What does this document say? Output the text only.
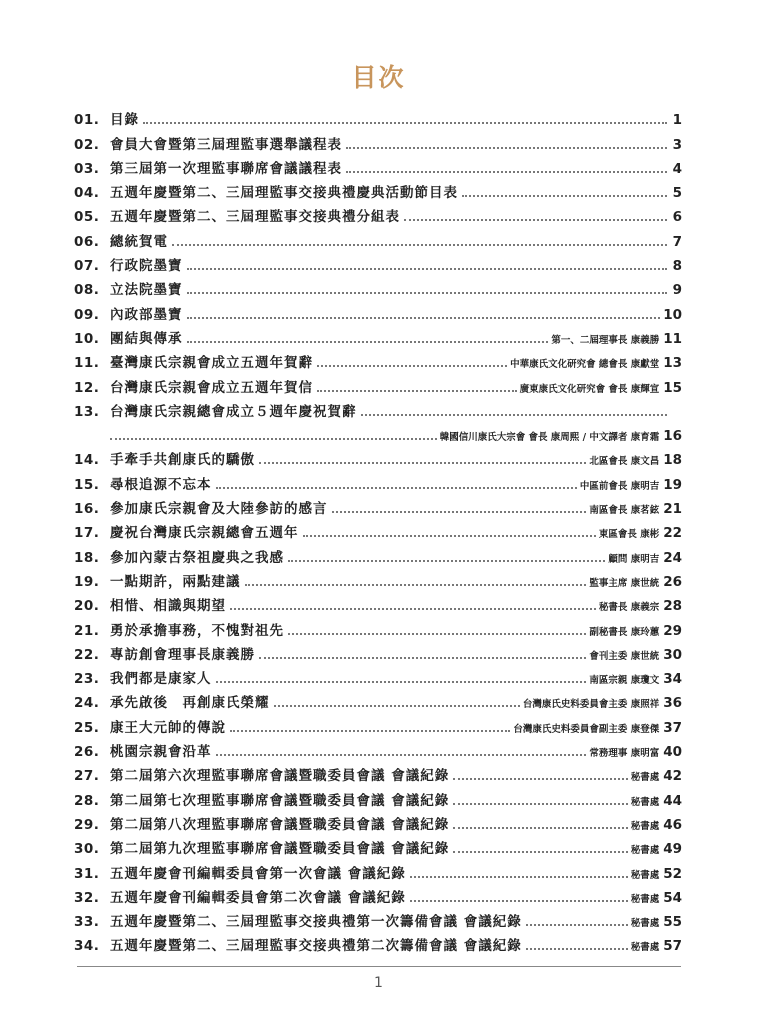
目次
01. 目錄	1
02. 會員大會暨第三屆理監事選舉議程表	3
03. 第三屆第一次理監事聯席會議議程表	4
04. 五週年慶暨第二、三屆理監事交接典禮慶典活動節目表	5
05. 五週年慶暨第二、三屆理監事交接典禮分組表	6
06. 總統賀電	7
07. 行政院墨寶	8
08. 立法院墨寶	9
09. 內政部墨寶	10
10. 團結與傳承	第一、二屆理事長 康義勝 11
11. 臺灣康氏宗親會成立五週年賀辭	中華康氏文化研究會 總會長 康獻堂 13
12. 台灣康氏宗親會成立五週年賀信	廣東康氏文化研究會 會長 康輝宣 15
13. 台灣康氏宗親總會成立５週年慶祝賀辭
韓國信川康氏大宗會 會長 康周熙 / 中文譯者 康育霜 16
14. 手牽手共創康氏的驕傲	北區會長 康文昌 18
15. 尋根追源不忘本	中區前會長 康明吉 19
16. 參加康氏宗親會及大陸參訪的感言	南區會長 康茗鉉 21
17. 慶祝台灣康氏宗親總會五週年	東區會長 康彬 22
18. 參加內蒙古祭祖慶典之我感	顧問 康明吉 24
19. 一點期許，兩點建議	監事主席 康世統 26
20. 相惜、相識與期望	秘書長 康義宗 28
21. 勇於承擔事務，不愧對祖先	副秘書長 康玲蕙 29
22. 專訪創會理事長康義勝	會刊主委 康世統 30
23. 我們都是康家人	南區宗親 康瓊文 34
24. 承先啟後　再創康氏榮耀	台灣康氏史料委員會主委 康照祥 36
25. 康王大元帥的傳說	台灣康氏史料委員會副主委 康登傑 37
26. 桃園宗親會沿革	常務理事 康明富 40
27. 第二屆第六次理監事聯席會議暨職委員會議 會議紀錄	秘書處 42
28. 第二屆第七次理監事聯席會議暨職委員會議 會議紀錄	秘書處 44
29. 第二屆第八次理監事聯席會議暨職委員會議 會議紀錄	秘書處 46
30. 第二屆第九次理監事聯席會議暨職委員會議 會議紀錄	秘書處 49
31. 五週年慶會刊編輯委員會第一次會議 會議紀錄	秘書處 52
32. 五週年慶會刊編輯委員會第二次會議 會議紀錄	秘書處 54
33. 五週年慶暨第二、三屆理監事交接典禮第一次籌備會議 會議紀錄	秘書處 55
34. 五週年慶暨第二、三屆理監事交接典禮第二次籌備會議 會議紀錄	秘書處 57
1
